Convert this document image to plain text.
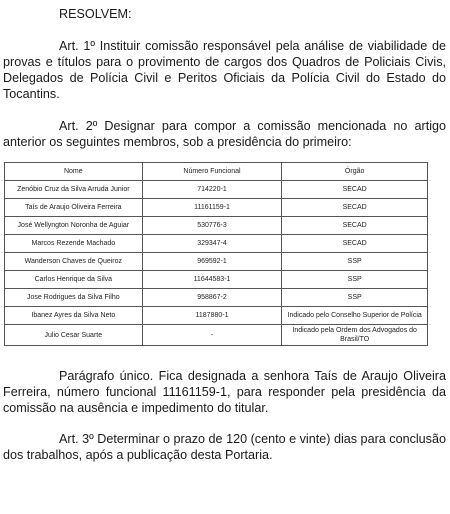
RESOLVEM:

Art. 1º Instituir comissão responsável pela análise de viabilidade de provas e títulos para o provimento de cargos dos Quadros de Policiais Civis, Delegados de Polícia Civil e Peritos Oficiais da Polícia Civil do Estado do Tocantins.

Art. 2º Designar para compor a comissão mencionada no artigo anterior os seguintes membros, sob a presidência do primeiro:

Nome	Número Funcional	Órgão
Zenóbio Cruz da Silva Arruda Junior	714220-1	SECAD
Taís de Araujo Oliveira Ferreira	11161159-1	SECAD
José Wellyngton Noronha de Aguiar	530776-3	SECAD
Marcos Rezende Machado	329347-4	SECAD
Wanderson Chaves de Queiroz	969592-1	SSP
Carlos Henrique da Silva	11644583-1	SSP
Jose Rodrigues da Silva Filho	958867-2	SSP
Ibanez Ayres da Silva Neto	1187880-1	Indicado pelo Conselho Superior de Polícia
Julio Cesar Suarte	-	Indicado pela Ordem dos Advogados do Brasil/TO

Parágrafo único. Fica designada a senhora Taís de Araujo Oliveira Ferreira, número funcional 11161159-1, para responder pela presidência da comissão na ausência e impedimento do titular.

Art. 3º Determinar o prazo de 120 (cento e vinte) dias para conclusão dos trabalhos, após a publicação desta Portaria.
